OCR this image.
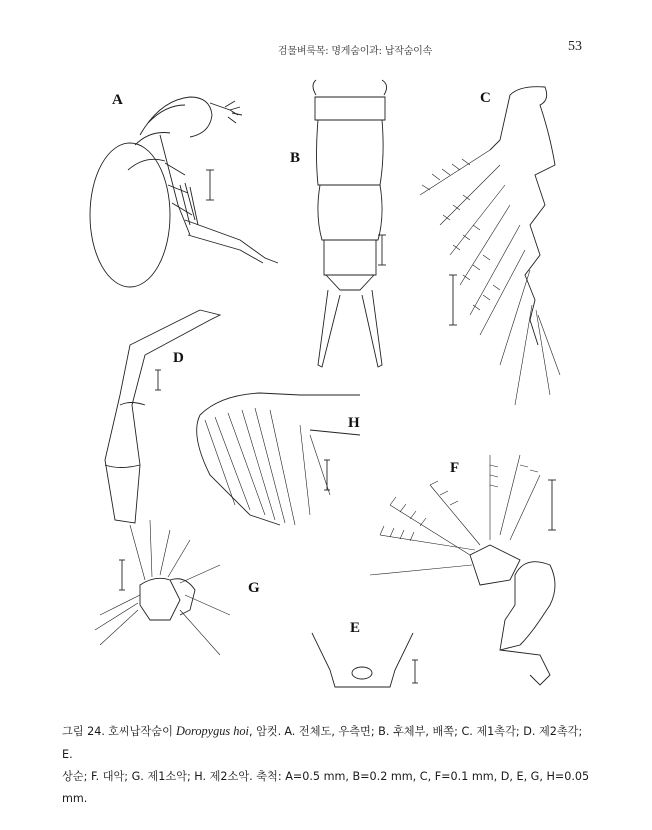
검물벼룩목: 명게숨이과: 납작숨이속	53
A
B
C
D
E
F
G
H
그림 24. 호씨납작숨이 Doropygus hoi, 암컷. A. 전체도, 우측면; B. 후체부, 배쪽; C. 제1촉각; D. 제2촉각; E.
상순; F. 대악; G. 제1소악; H. 제2소악. 축척: A=0.5 mm, B=0.2 mm, C, F=0.1 mm, D, E, G, H=0.05 mm.
